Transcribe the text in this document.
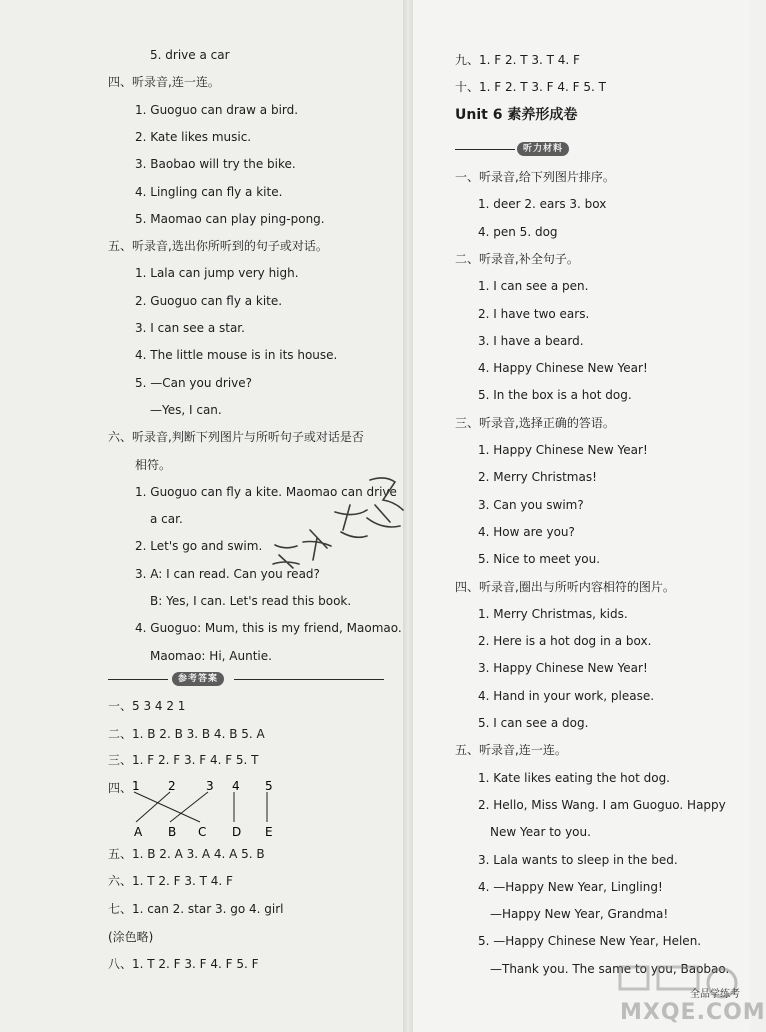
5. drive a car
四、听录音,连一连。
1. Guoguo can draw a bird.
2. Kate likes music.
3. Baobao will try the bike.
4. Lingling can fly a kite.
5. Maomao can play ping-pong.
五、听录音,选出你所听到的句子或对话。
1. Lala can jump very high.
2. Guoguo can fly a kite.
3. I can see a star.
4. The little mouse is in its house.
5. —Can you drive?
—Yes, I can.
六、听录音,判断下列图片与所听句子或对话是否
相符。
1. Guoguo can fly a kite. Maomao can drive
a car.
2. Let's go and swim.
3. A: I can read. Can you read?
B: Yes, I can. Let's read this book.
4. Guoguo: Mum, this is my friend, Maomao.
Maomao: Hi, Auntie.
参考答案
一、5 3 4 2 1
二、1. B 2. B 3. B 4. B 5. A
三、1. F 2. F 3. F 4. F 5. T
四、
五、1. B 2. A 3. A 4. A 5. B
六、1. T 2. F 3. T 4. F
七、1. can 2. star 3. go 4. girl
(涂色略)
八、1. T 2. F 3. F 4. F 5. F
1 2	3 4 5
A B C D E
九、1. F 2. T 3. T 4. F
十、1. F 2. T 3. F 4. F 5. T
Unit 6 素养形成卷
听力材料
一、听录音,给下列图片排序。
1. deer 2. ears 3. box
4. pen 5. dog
二、听录音,补全句子。
1. I can see a pen.
2. I have two ears.
3. I have a beard.
4. Happy Chinese New Year!
5. In the box is a hot dog.
三、听录音,选择正确的答语。
1. Happy Chinese New Year!
2. Merry Christmas!
3. Can you swim?
4. How are you?
5. Nice to meet you.
四、听录音,圈出与所听内容相符的图片。
1. Merry Christmas, kids.
2. Here is a hot dog in a box.
3. Happy Chinese New Year!
4. Hand in your work, please.
5. I can see a dog.
五、听录音,连一连。
1. Kate likes eating the hot dog.
2. Hello, Miss Wang. I am Guoguo. Happy
New Year to you.
3. Lala wants to sleep in the bed.
4. —Happy New Year, Lingling!
—Happy New Year, Grandma!
5. —Happy Chinese New Year, Helen.
—Thank you. The same to you, Baobao.
全品学练考
MXQE.COM
